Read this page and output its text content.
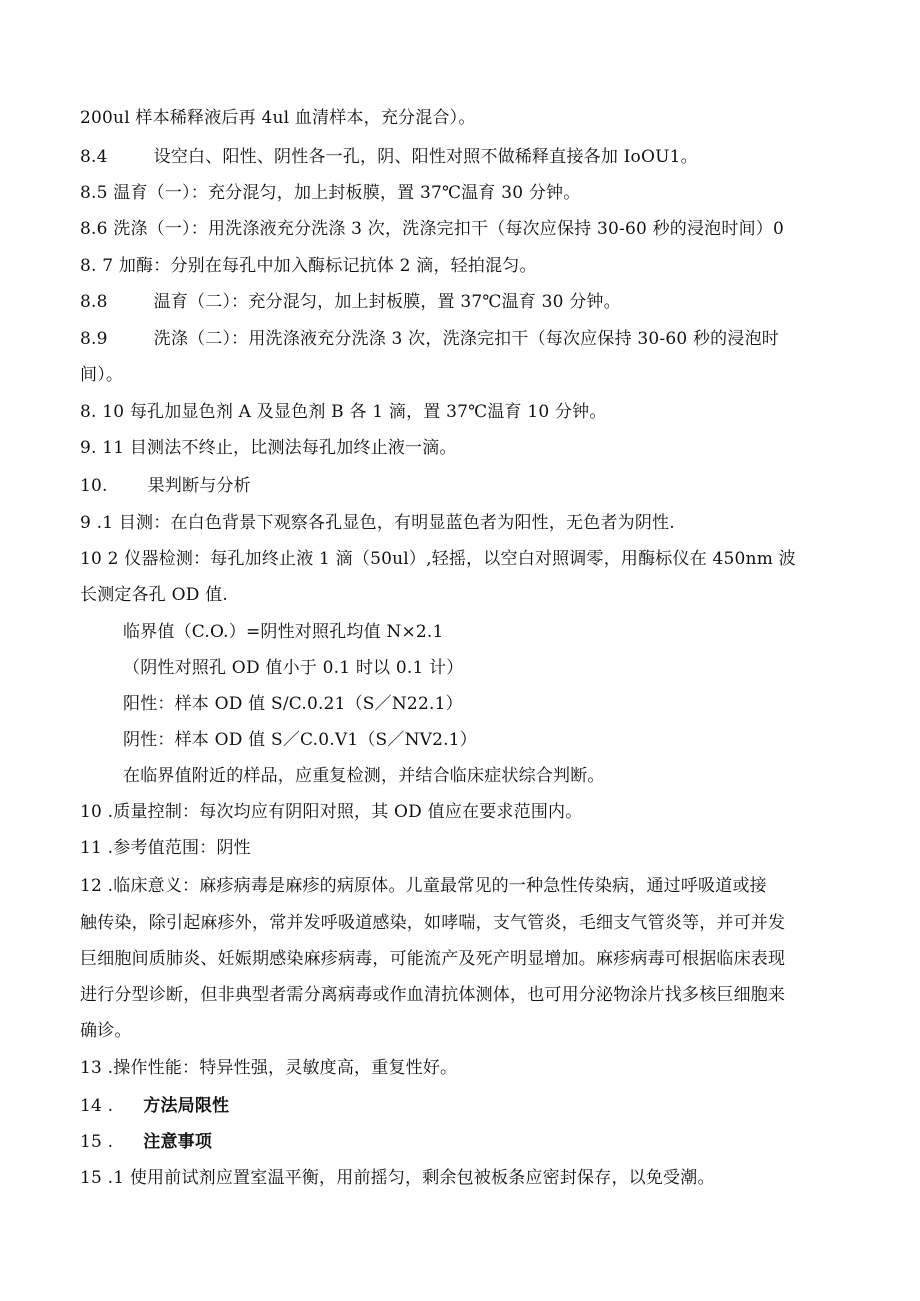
200ul 样本稀释液后再 4ul 血清样本，充分混合）。
8.4	设空白、阳性、阴性各一孔，阴、阳性对照不做稀释直接各加 IoOU1。
8.5 温育（一）：充分混匀，加上封板膜，置 37℃温育 30 分钟。
8.6 洗涤（一）：用洗涤液充分洗涤 3 次，洗涤完扣干（每次应保持 30-60 秒的浸泡时间）0
8. 7 加酶：分别在每孔中加入酶标记抗体 2 滴，轻拍混匀。
8.8	温育（二）：充分混匀，加上封板膜，置 37℃温育 30 分钟。
8.9	洗涤（二）：用洗涤液充分洗涤 3 次，洗涤完扣干（每次应保持 30-60 秒的浸泡时
间）。
8. 10 每孔加显色剂 A 及显色剂 B 各 1 滴，置 37℃温育 10 分钟。
9. 11 目测法不终止，比测法每孔加终止液一滴。
10. 果判断与分析
9 .1 目测：在白色背景下观察各孔显色，有明显蓝色者为阳性，无色者为阴性.
10 2 仪器检测：每孔加终止液 1 滴（50ul）,轻摇，以空白对照调零，用酶标仪在 450nm 波
长测定各孔 OD 值.
临界值（C.O.）=阴性对照孔均值 N×2.1
（阴性对照孔 OD 值小于 0.1 时以 0.1 计）
阳性：样本 OD 值 S/C.0.21（S／N22.1）
阴性：样本 OD 值 S／C.0.V1（S／NV2.1）
在临界值附近的样品，应重复检测，并结合临床症状综合判断。
10 .质量控制：每次均应有阴阳对照，其 OD 值应在要求范围内。
11 .参考值范围：阴性
12 .临床意义：麻疹病毒是麻疹的病原体。儿童最常见的一种急性传染病，通过呼吸道或接
触传染，除引起麻疹外，常并发呼吸道感染，如哮喘，支气管炎，毛细支气管炎等，并可并发
巨细胞间质肺炎、妊娠期感染麻疹病毒，可能流产及死产明显增加。麻疹病毒可根据临床表现
进行分型诊断，但非典型者需分离病毒或作血清抗体测体，也可用分泌物涂片找多核巨细胞来
确诊。
13 .操作性能：特异性强，灵敏度高，重复性好。
14 . 方法局限性
15 . 注意事项
15 .1 使用前试剂应置室温平衡，用前摇匀，剩余包被板条应密封保存，以免受潮。
